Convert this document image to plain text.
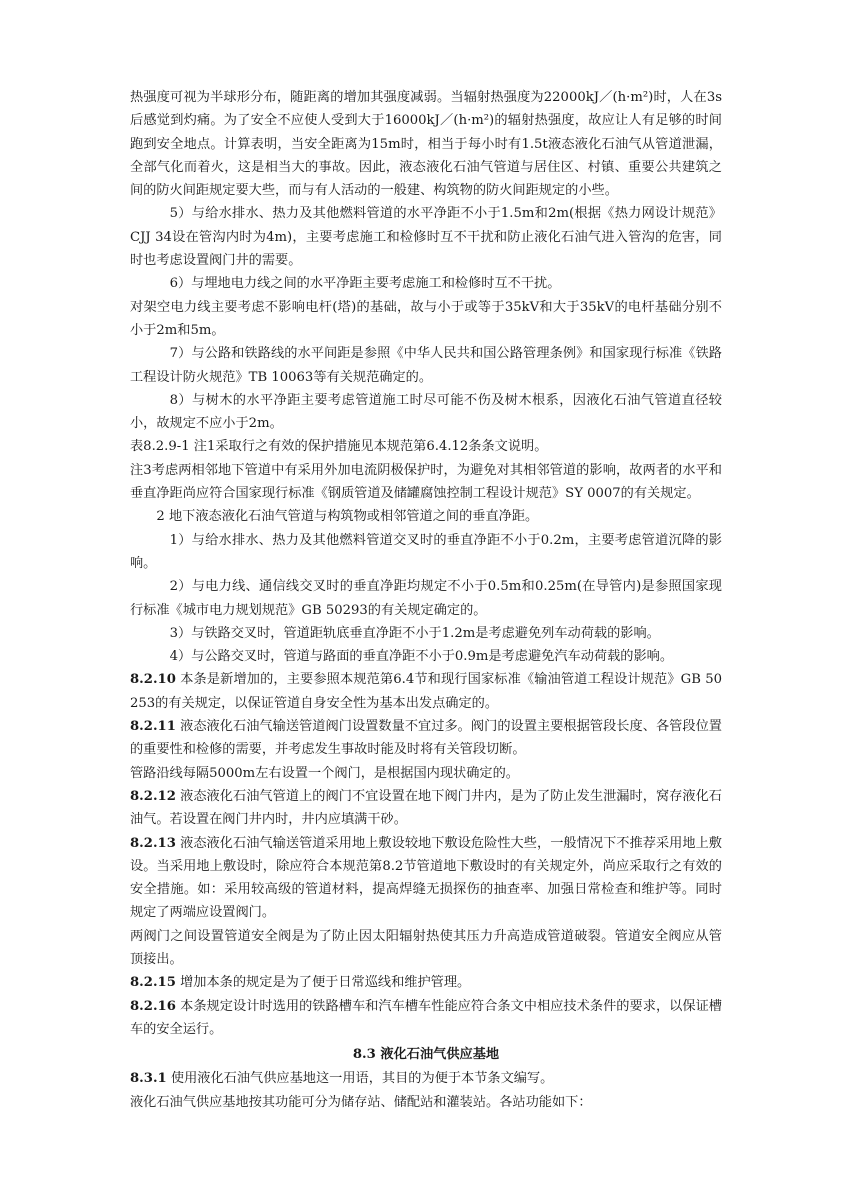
热强度可视为半球形分布，随距离的增加其强度减弱。当辐射热强度为22000kJ／(h·m²)时，人在3s后感觉到灼痛。为了安全不应使人受到大于16000kJ／(h·m²)的辐射热强度，故应让人有足够的时间跑到安全地点。计算表明，当安全距离为15m时，相当于每小时有1.5t液态液化石油气从管道泄漏，全部气化而着火，这是相当大的事故。因此，液态液化石油气管道与居住区、村镇、重要公共建筑之间的防火间距规定要大些，而与有人活动的一般建、构筑物的防火间距规定的小些。

5）与给水排水、热力及其他燃料管道的水平净距不小于1.5m和2m(根据《热力网设计规范》CJJ 34设在管沟内时为4m)，主要考虑施工和检修时互不干扰和防止液化石油气进入管沟的危害，同时也考虑设置阀门井的需要。

6）与埋地电力线之间的水平净距主要考虑施工和检修时互不干扰。

对架空电力线主要考虑不影响电杆(塔)的基础，故与小于或等于35kV和大于35kV的电杆基础分别不小于2m和5m。

7）与公路和铁路线的水平间距是参照《中华人民共和国公路管理条例》和国家现行标准《铁路工程设计防火规范》TB 10063等有关规范确定的。

8）与树木的水平净距主要考虑管道施工时尽可能不伤及树木根系，因液化石油气管道直径较小，故规定不应小于2m。

表8.2.9-1 注1采取行之有效的保护措施见本规范第6.4.12条条文说明。

注3考虑两相邻地下管道中有采用外加电流阴极保护时，为避免对其相邻管道的影响，故两者的水平和垂直净距尚应符合国家现行标准《钢质管道及储罐腐蚀控制工程设计规范》SY 0007的有关规定。

2 地下液态液化石油气管道与构筑物或相邻管道之间的垂直净距。

1）与给水排水、热力及其他燃料管道交叉时的垂直净距不小于0.2m，主要考虑管道沉降的影响。

2）与电力线、通信线交叉时的垂直净距均规定不小于0.5m和0.25m(在导管内)是参照国家现行标准《城市电力规划规范》GB 50293的有关规定确定的。

3）与铁路交叉时，管道距轨底垂直净距不小于1.2m是考虑避免列车动荷载的影响。

4）与公路交叉时，管道与路面的垂直净距不小于0.9m是考虑避免汽车动荷载的影响。

8.2.10 本条是新增加的，主要参照本规范第6.4节和现行国家标准《输油管道工程设计规范》GB 50253的有关规定，以保证管道自身安全性为基本出发点确定的。

8.2.11 液态液化石油气输送管道阀门设置数量不宜过多。阀门的设置主要根据管段长度、各管段位置的重要性和检修的需要，并考虑发生事故时能及时将有关管段切断。

管路沿线每隔5000m左右设置一个阀门，是根据国内现状确定的。

8.2.12 液态液化石油气管道上的阀门不宜设置在地下阀门井内，是为了防止发生泄漏时，窝存液化石油气。若设置在阀门井内时，井内应填满干砂。

8.2.13 液态液化石油气输送管道采用地上敷设较地下敷设危险性大些，一般情况下不推荐采用地上敷设。当采用地上敷设时，除应符合本规范第8.2节管道地下敷设时的有关规定外，尚应采取行之有效的安全措施。如：采用较高级的管道材料，提高焊缝无损探伤的抽查率、加强日常检查和维护等。同时规定了两端应设置阀门。

两阀门之间设置管道安全阀是为了防止因太阳辐射热使其压力升高造成管道破裂。管道安全阀应从管顶接出。

8.2.15 增加本条的规定是为了便于日常巡线和维护管理。

8.2.16 本条规定设计时选用的铁路槽车和汽车槽车性能应符合条文中相应技术条件的要求，以保证槽车的安全运行。

8.3 液化石油气供应基地

8.3.1 使用液化石油气供应基地这一用语，其目的为便于本节条文编写。

液化石油气供应基地按其功能可分为储存站、储配站和灌装站。各站功能如下：
